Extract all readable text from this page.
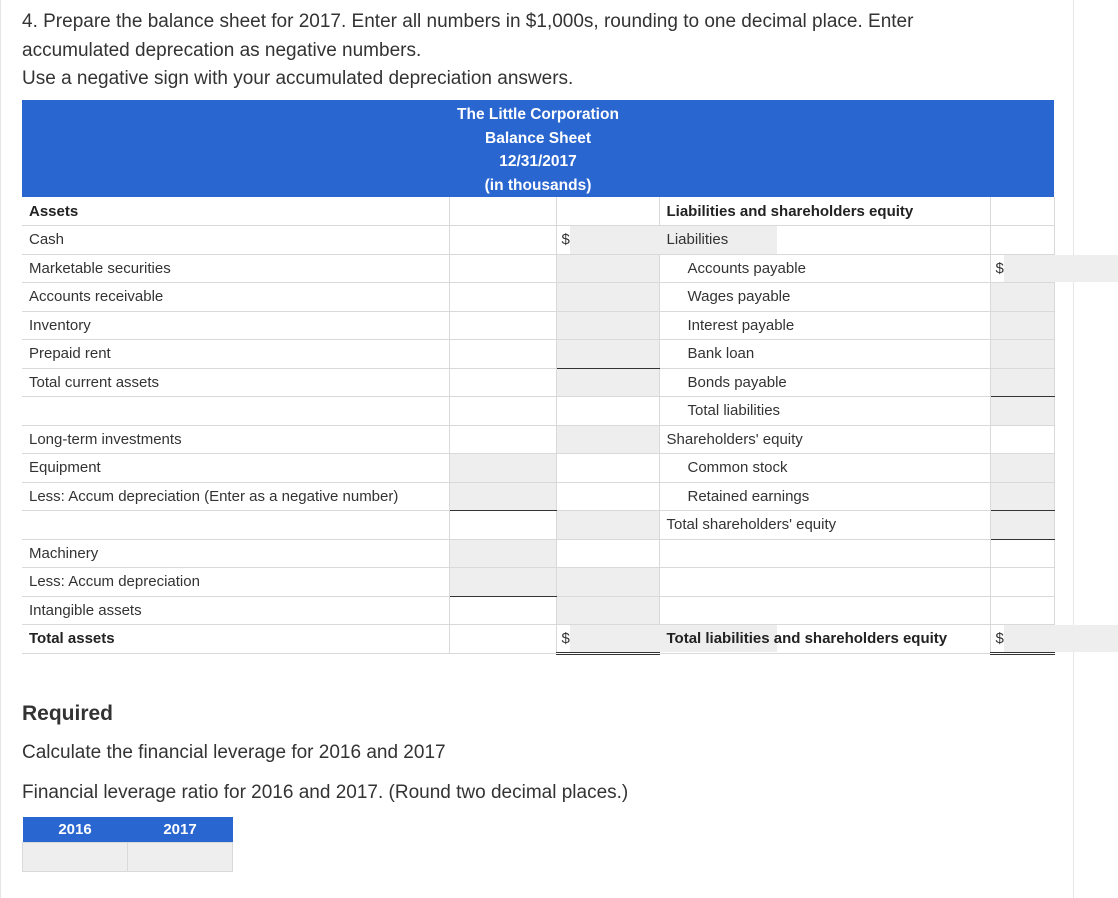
4. Prepare the balance sheet for 2017. Enter all numbers in $1,000s, rounding to one decimal place. Enter

accumulated deprecation as negative numbers.

Use a negative sign with your accumulated depreciation answers.

The Little Corporation
Balance Sheet
12/31/2017
(in thousands)
Assets			Liabilities and shareholders equity	
Cash		$	Liabilities	
Marketable securities			Accounts payable	$

Accounts receivable			Wages payable	
Inventory			Interest payable	
Prepaid rent			Bank loan	
Total current assets			Bonds payable	
			Total liabilities	
Long-term investments			Shareholders' equity	
Equipment			Common stock	
Less: Accum depreciation (Enter as a negative number)			Retained earnings	
			Total shareholders' equity	
Machinery				
Less: Accum depreciation				
Intangible assets				
Total assets		$	Total liabilities and shareholders equity	$
Required

Calculate the financial leverage for 2016 and 2017

Financial leverage ratio for 2016 and 2017. (Round two decimal places.)

2016	2017
